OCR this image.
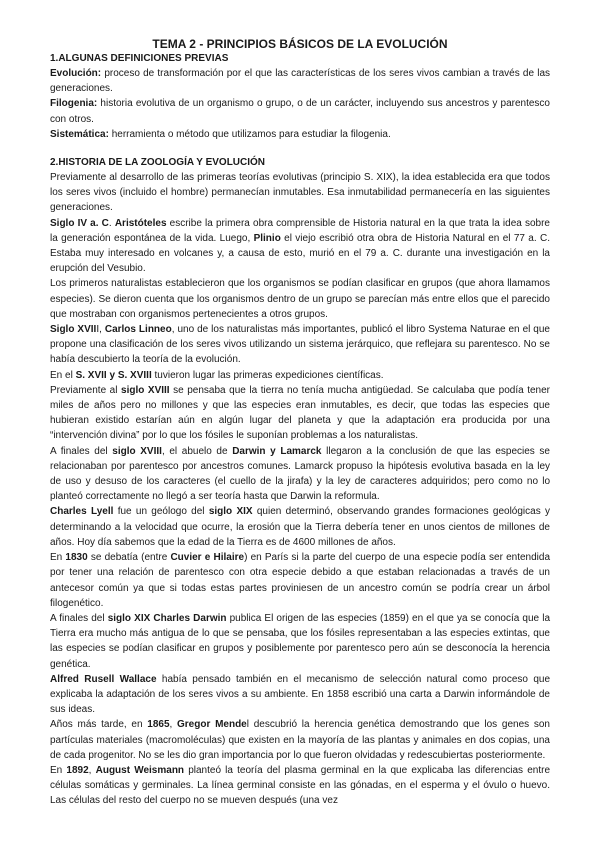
TEMA 2 - PRINCIPIOS BÁSICOS DE LA EVOLUCIÓN
1.ALGUNAS DEFINICIONES PREVIAS

Evolución: proceso de transformación por el que las características de los seres vivos cambian a través de las generaciones.

Filogenia: historia evolutiva de un organismo o grupo, o de un carácter, incluyendo sus ancestros y parentesco con otros.

Sistemática: herramienta o método que utilizamos para estudiar la filogenia.

2.HISTORIA DE LA ZOOLOGÍA Y EVOLUCIÓN

Previamente al desarrollo de las primeras teorías evolutivas (principio S. XIX), la idea establecida era que todos los seres vivos (incluido el hombre) permanecían inmutables. Esa inmutabilidad permanecería en las siguientes generaciones.

Siglo IV a. C. Aristóteles escribe la primera obra comprensible de Historia natural en la que trata la idea sobre la generación espontánea de la vida. Luego, Plinio el viejo escribió otra obra de Historia Natural en el 77 a. C. Estaba muy interesado en volcanes y, a causa de esto, murió en el 79 a. C. durante una investigación en la erupción del Vesubio.

Los primeros naturalistas establecieron que los organismos se podían clasificar en grupos (que ahora llamamos especies). Se dieron cuenta que los organismos dentro de un grupo se parecían más entre ellos que el parecido que mostraban con organismos pertenecientes a otros grupos.

Siglo XVIII, Carlos Linneo, uno de los naturalistas más importantes, publicó el libro Systema Naturae en el que propone una clasificación de los seres vivos utilizando un sistema jerárquico, que reflejara su parentesco. No se había descubierto la teoría de la evolución.

En el S. XVII y S. XVIII tuvieron lugar las primeras expediciones científicas.

Previamente al siglo XVIII se pensaba que la tierra no tenía mucha antigüedad. Se calculaba que podía tener miles de años pero no millones y que las especies eran inmutables, es decir, que todas las especies que hubieran existido estarían aún en algún lugar del planeta y que la adaptación era producida por una “intervención divina” por lo que los fósiles le suponían problemas a los naturalistas.

A finales del siglo XVIII, el abuelo de Darwin y Lamarck llegaron a la conclusión de que las especies se relacionaban por parentesco por ancestros comunes. Lamarck propuso la hipótesis evolutiva basada en la ley de uso y desuso de los caracteres (el cuello de la jirafa) y la ley de caracteres adquiridos; pero como no lo planteó correctamente no llegó a ser teoría hasta que Darwin la reformula.

Charles Lyell fue un geólogo del siglo XIX quien determinó, observando grandes formaciones geológicas y determinando a la velocidad que ocurre, la erosión que la Tierra debería tener en unos cientos de millones de años. Hoy día sabemos que la edad de la Tierra es de 4600 millones de años.

En 1830 se debatía (entre Cuvier e Hilaire) en París si la parte del cuerpo de una especie podía ser entendida por tener una relación de parentesco con otra especie debido a que estaban relacionadas a través de un antecesor común ya que si todas estas partes proviniesen de un ancestro común se podría crear un árbol filogenético.

A finales del siglo XIX Charles Darwin publica El origen de las especies (1859) en el que ya se conocía que la Tierra era mucho más antigua de lo que se pensaba, que los fósiles representaban a las especies extintas, que las especies se podían clasificar en grupos y posiblemente por parentesco pero aún se desconocía la herencia genética.

Alfred Rusell Wallace había pensado también en el mecanismo de selección natural como proceso que explicaba la adaptación de los seres vivos a su ambiente. En 1858 escribió una carta a Darwin informándole de sus ideas.

Años más tarde, en 1865, Gregor Mendel descubrió la herencia genética demostrando que los genes son partículas materiales (macromoléculas) que existen en la mayoría de las plantas y animales en dos copias, una de cada progenitor. No se les dio gran importancia por lo que fueron olvidadas y redescubiertas posteriormente.

En 1892, August Weismann planteó la teoría del plasma germinal en la que explicaba las diferencias entre células somáticas y germinales. La línea germinal consiste en las gónadas, en el esperma y el óvulo o huevo. Las células del resto del cuerpo no se mueven después (una vez
